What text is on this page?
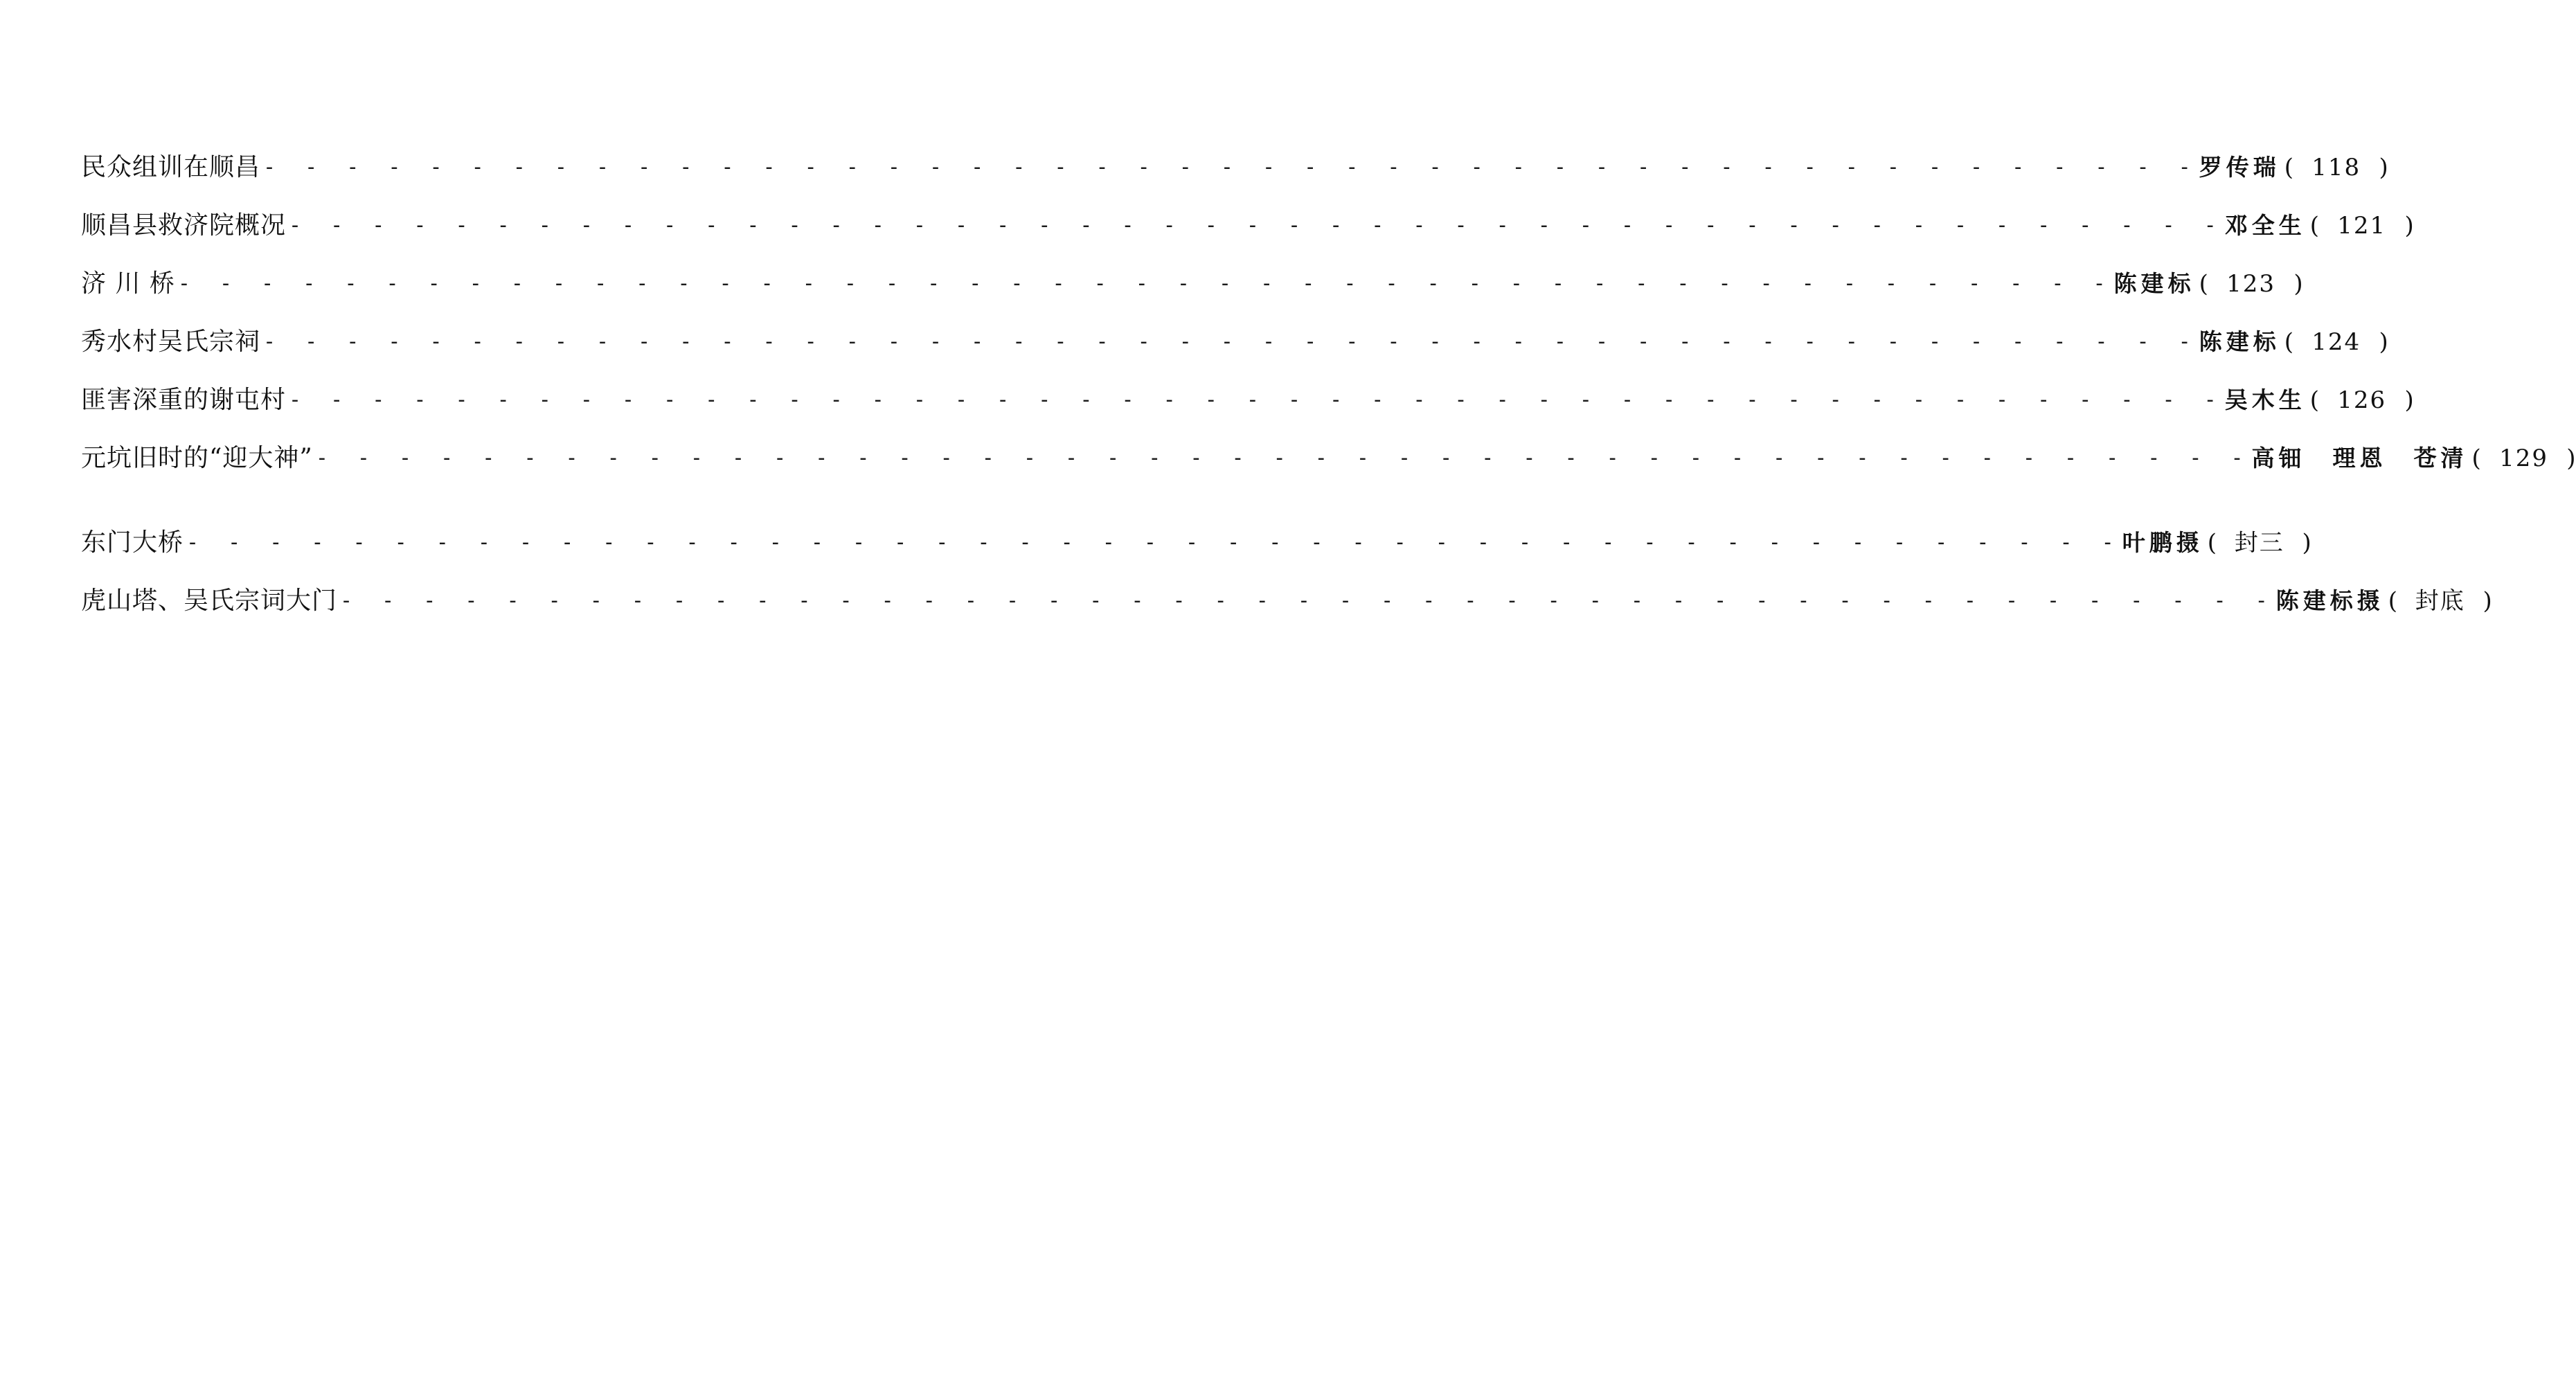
民众组训在顺昌 - - - - - - - - - - - - - - - - - - - - - - - - - - - - - - - - - - - - - - - - - - - - - - - 罗传瑞 ( 118 )
顺昌县救济院概况 - - - - - - - - - - - - - - - - - - - - - - - - - - - - - - - - - - - - - - - - - - - - - - - 邓全生 ( 121 )
济 川 桥 - - - - - - - - - - - - - - - - - - - - - - - - - - - - - - - - - - - - - - - - - - - - - - - 陈建标 ( 123 )
秀水村吴氏宗祠 - - - - - - - - - - - - - - - - - - - - - - - - - - - - - - - - - - - - - - - - - - - - - - - 陈建标 ( 124 )
匪害深重的谢屯村 - - - - - - - - - - - - - - - - - - - - - - - - - - - - - - - - - - - - - - - - - - - - - - - 吴木生 ( 126 )
元坑旧时的“迎大神” - - - - - - - - - - - - - - - - - - - - - - - - - - - - - - - - - - - - - - - - - - - - - - - 高钿　理恩　苍清 ( 129 )
东门大桥 - - - - - - - - - - - - - - - - - - - - - - - - - - - - - - - - - - - - - - - - - - - - - - - 叶鹏摄 ( 封三 )
虎山塔、吴氏宗词大门 - - - - - - - - - - - - - - - - - - - - - - - - - - - - - - - - - - - - - - - - - - - - - - - 陈建标摄 ( 封底 )
